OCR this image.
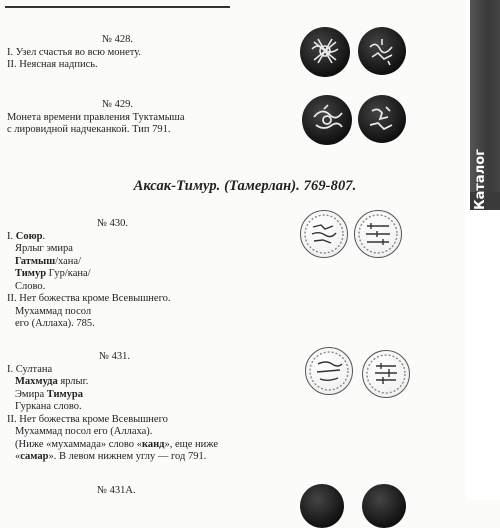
Каталог
№ 428.
I. Узел счастья во всю монету.
II. Неясная надпись.
№ 429.
Монета времени правления Туктамыша
с лировидной надчеканкой. Тип 791.
Аксак-Тимур. (Тамерлан). 769-807.
№ 430.
I. Союр.
Ярлыг эмира
Гатмыш/хана/
Тимур Гур/кана/
Слово.
II. Нет божества кроме Всевышнего.
Мухаммад посол
его (Аллаха). 785.
№ 431.
I. Султана
Махмуда ярлыг.
Эмира Тимура
Гуркана слово.
II. Нет божества кроме Всевышнего
Мухаммад посол его (Аллаха).
(Ниже «мухаммада» слово «канд», еще ниже
«самар». В левом нижнем углу — год 791.
№ 431А.
